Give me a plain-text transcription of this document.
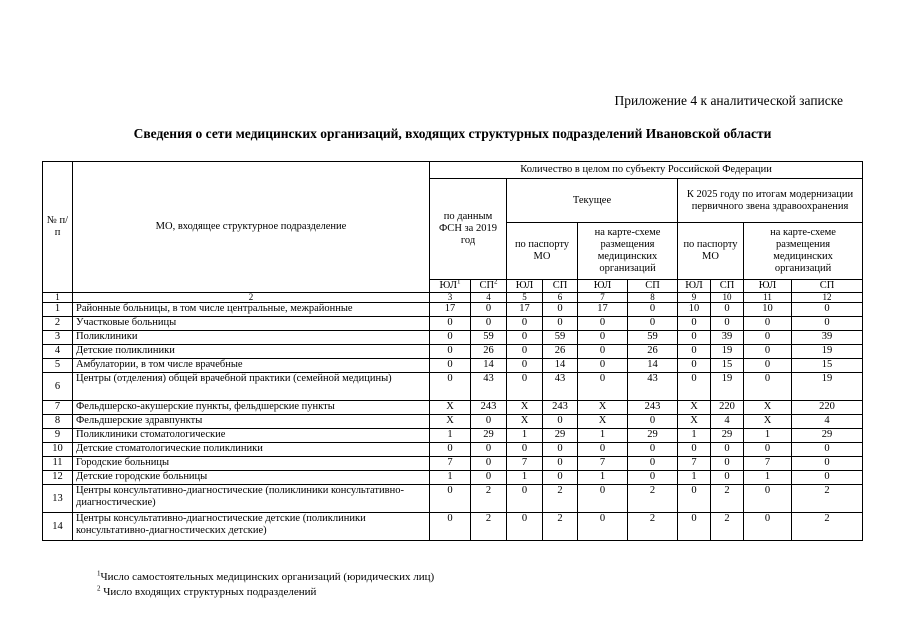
Приложение 4 к аналитической записке
Сведения о сети медицинских организаций, входящих структурных подразделений Ивановской области
№ п/п	МО, входящее структурное подразделение	Количество в целом по субъекту Российской Федерации									
		по данным ФСН за 2019 год		Текущее				К 2025 году по итогам модернизации первичного звена здравоохранения			
				по паспорту МО		на карте-схеме размещения медицинских организаций		по паспорту МО		на карте-схеме размещения медицинских организаций	
		$ЮЛ^1$	$СП^2$	ЮЛ	СП	ЮЛ	СП	ЮЛ	СП	ЮЛ	СП
1	2	3	4	5	6	7	8	9	10	11	12
1	Районные больницы, в том числе центральные, межрайонные	17	0	17	0	17	0	10	0	10	0
2	Участковые больницы	0	0	0	0	0	0	0	0	0	0
3	Поликлиники	0	59	0	59	0	59	0	39	0	39
4	Детские поликлиники	0	26	0	26	0	26	0	19	0	19
5	Амбулатории, в том числе врачебные	0	14	0	14	0	14	0	15	0	15
6	Центры (отделения) общей врачебной практики (семейной медицины)	0	43	0	43	0	43	0	19	0	19
7	Фельдшерско-акушерские пункты, фельдшерские пункты	X	243	X	243	X	243	X	220	X	220
8	Фельдшерские здравпункты	X	0	X	0	X	0	X	4	X	4
9	Поликлиники стоматологические	1	29	1	29	1	29	1	29	1	29
10	Детские стоматологические поликлиники	0	0	0	0	0	0	0	0	0	0
11	Городские больницы	7	0	7	0	7	0	7	0	7	0
12	Детские городские больницы	1	0	1	0	1	0	1	0	1	0
13	Центры консультативно-диагностические (поликлиники консультативно-диагностические)	0	2	0	2	0	2	0	2	0	2
14	Центры консультативно-диагностические детские (поликлиники консультативно-диагностических детские)	0	2	0	2	0	2	0	2	0	2
$^1$Число самостоятельных медицинских организаций (юридических лиц)
$^2$ Число входящих структурных подразделений
